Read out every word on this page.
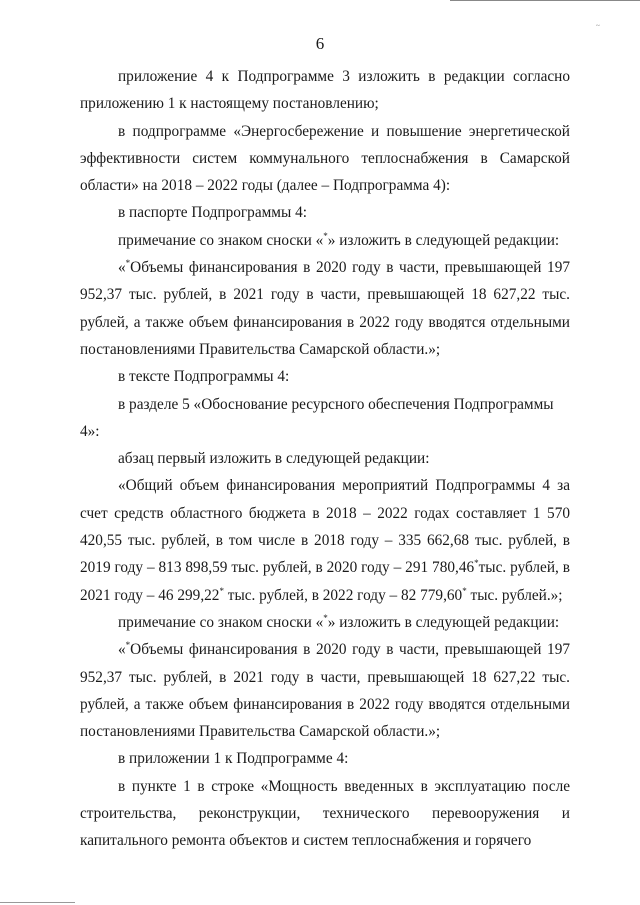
~
6

приложение 4 к Подпрограмме 3 изложить в редакции согласно приложению 1 к настоящему постановлению;

в подпрограмме «Энергосбережение и повышение энергетической эффективности систем коммунального теплоснабжения в Самарской области» на 2018 – 2022 годы (далее – Подпрограмма 4):

в паспорте Подпрограммы 4:

примечание со знаком сноски «*» изложить в следующей редакции:

«*Объемы финансирования в 2020 году в части, превышающей 197 952,37 тыс. рублей, в 2021 году в части, превышающей 18 627,22 тыс. рублей, а также объем финансирования в 2022 году вводятся отдельными постановлениями Правительства Самарской области.»;

в тексте Подпрограммы 4:

в разделе 5 «Обоснование ресурсного обеспечения Подпрограммы 4»:

абзац первый изложить в следующей редакции:

«Общий объем финансирования мероприятий Подпрограммы 4 за счет средств областного бюджета в 2018 – 2022 годах составляет 1 570 420,55 тыс. рублей, в том числе в 2018 году – 335 662,68 тыс. рублей, в 2019 году – 813 898,59 тыс. рублей, в 2020 году – 291 780,46*тыс. рублей, в 2021 году – 46 299,22* тыс. рублей, в 2022 году – 82 779,60* тыс. рублей.»;

примечание со знаком сноски «*» изложить в следующей редакции:

«*Объемы финансирования в 2020 году в части, превышающей 197 952,37 тыс. рублей, в 2021 году в части, превышающей 18 627,22 тыс. рублей, а также объем финансирования в 2022 году вводятся отдельными постановлениями Правительства Самарской области.»;

в приложении 1 к Подпрограмме 4:

в пункте 1 в строке «Мощность введенных в эксплуатацию после строительства, реконструкции, технического перевооружения и капитального ремонта объектов и систем теплоснабжения и горячего
